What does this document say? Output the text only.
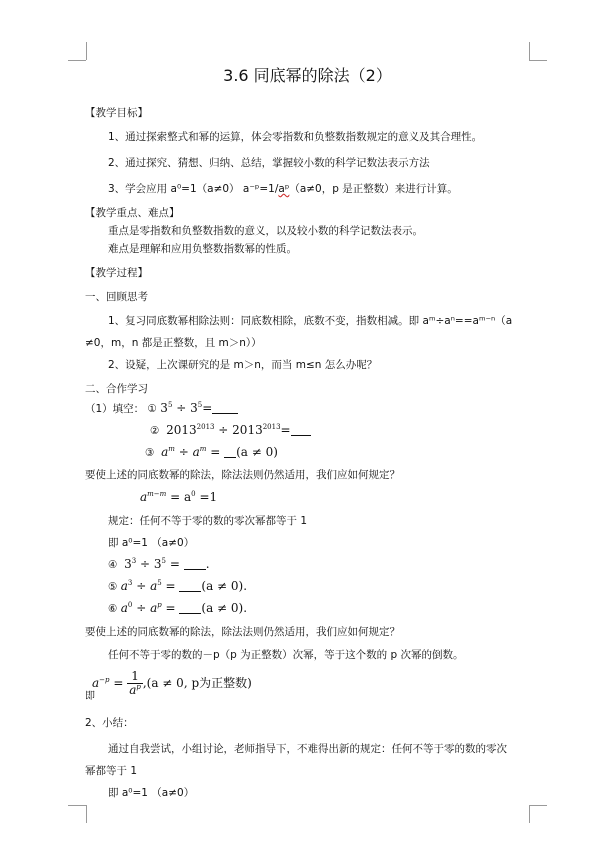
3.6 同底幂的除法（2）
【教学目标】
1、通过探索整式和幂的运算，体会零指数和负整数指数规定的意义及其合理性。
2、通过探究、猜想、归纳、总结，掌握较小数的科学记数法表示方法
3、学会应用 a⁰=1（a≠0） a⁻ᵖ=1/aᵖ（a≠0，p 是正整数）来进行计算。
【教学重点、难点】
重点是零指数和负整数指数的意义，以及较小数的科学记数法表示。
难点是理解和应用负整数指数幂的性质。
【教学过程】
一、回顾思考
1、复习同底数幂相除法则：同底数相除，底数不变，指数相减。即 aᵐ÷aⁿ==aᵐ⁻ⁿ（a
≠0，m，n 都是正整数，且 m＞n））
2、设疑，上次课研究的是 m＞n，而当 m≤n 怎么办呢？
二、合作学习
（1）填空： ① $3^5 \div 3^5=$
② $2013^{2013} \div 2013^{2013}=$
③ $a^m \div a^m = (a \ne 0)$
要使上述的同底数幂的除法，除法法则仍然适用，我们应如何规定？
$a^{m-m} = a^0 =1$
规定：任何不等于零的数的零次幂都等于 1
即 a⁰=1 （a≠0）
④ $3^3 \div 3^5$ = .
⑤ $a^3 \div a^5 = (a \ne 0)$.
⑥ $a^0 \div a^p = (a \ne 0)$.
要使上述的同底数幂的除法，除法法则仍然适用，我们应如何规定？
任何不等于零的数的－p（p 为正整数）次幂，等于这个数的 p 次幂的倒数。
$a^{-p} = \frac{1}{a^p} ,(a \ne 0$, p为正整数)
即
2、小结：
通过自我尝试，小组讨论，老师指导下，不难得出新的规定：任何不等于零的数的零次
幂都等于 1
即 a⁰=1 （a≠0）
